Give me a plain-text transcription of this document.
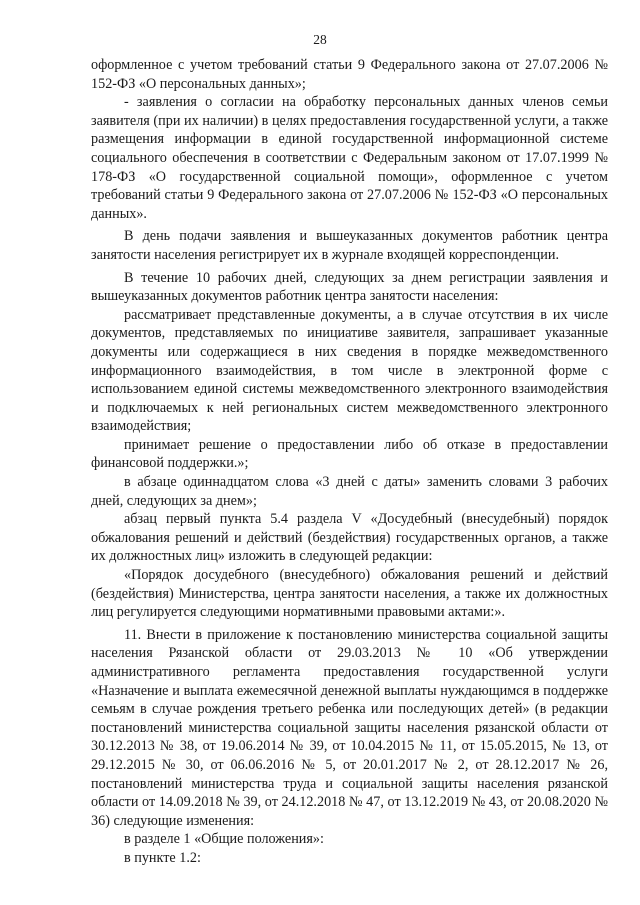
28

оформленное с учетом требований статьи 9 Федерального закона от 27.07.2006 № 152-ФЗ «О персональных данных»;

- заявления о согласии на обработку персональных данных членов семьи заявителя (при их наличии) в целях предоставления государственной услуги, а также размещения информации в единой государственной информационной системе социального обеспечения в соответствии с Федеральным законом от 17.07.1999 № 178-ФЗ «О государственной социальной помощи», оформленное с учетом требований статьи 9 Федерального закона от 27.07.2006 № 152-ФЗ «О персональных данных».

В день подачи заявления и вышеуказанных документов работник центра занятости населения регистрирует их в журнале входящей корреспонденции.

В течение 10 рабочих дней, следующих за днем регистрации заявления и вышеуказанных документов работник центра занятости населения:

рассматривает представленные документы, а в случае отсутствия в их числе документов, представляемых по инициативе заявителя, запрашивает указанные документы или содержащиеся в них сведения в порядке межведомственного информационного взаимодействия, в том числе в электронной форме с использованием единой системы межведомственного электронного взаимодействия и подключаемых к ней региональных систем межведомственного электронного взаимодействия;

принимает решение о предоставлении либо об отказе в предоставлении финансовой поддержки.»;

в абзаце одиннадцатом слова «3 дней с даты» заменить словами 3 рабочих дней, следующих за днем»;

абзац первый пункта 5.4 раздела V «Досудебный (внесудебный) порядок обжалования решений и действий (бездействия) государственных органов, а также их должностных лиц» изложить в следующей редакции:

«Порядок досудебного (внесудебного) обжалования решений и действий (бездействия) Министерства, центра занятости населения, а также их должностных лиц регулируется следующими нормативными правовыми актами:».

11. Внести в приложение к постановлению министерства социальной защиты населения Рязанской области от 29.03.2013 № 10 «Об утверждении административного регламента предоставления государственной услуги «Назначение и выплата ежемесячной денежной выплаты нуждающимся в поддержке семьям в случае рождения третьего ребенка или последующих детей» (в редакции постановлений министерства социальной защиты населения рязанской области от 30.12.2013 № 38, от 19.06.2014 № 39, от 10.04.2015 № 11, от 15.05.2015, № 13, от 29.12.2015 № 30, от 06.06.2016 № 5, от 20.01.2017 № 2, от 28.12.2017 № 26, постановлений министерства труда и социальной защиты населения рязанской области от 14.09.2018 № 39, от 24.12.2018 № 47, от 13.12.2019 № 43, от 20.08.2020 № 36) следующие изменения:

в разделе 1 «Общие положения»:

в пункте 1.2:
